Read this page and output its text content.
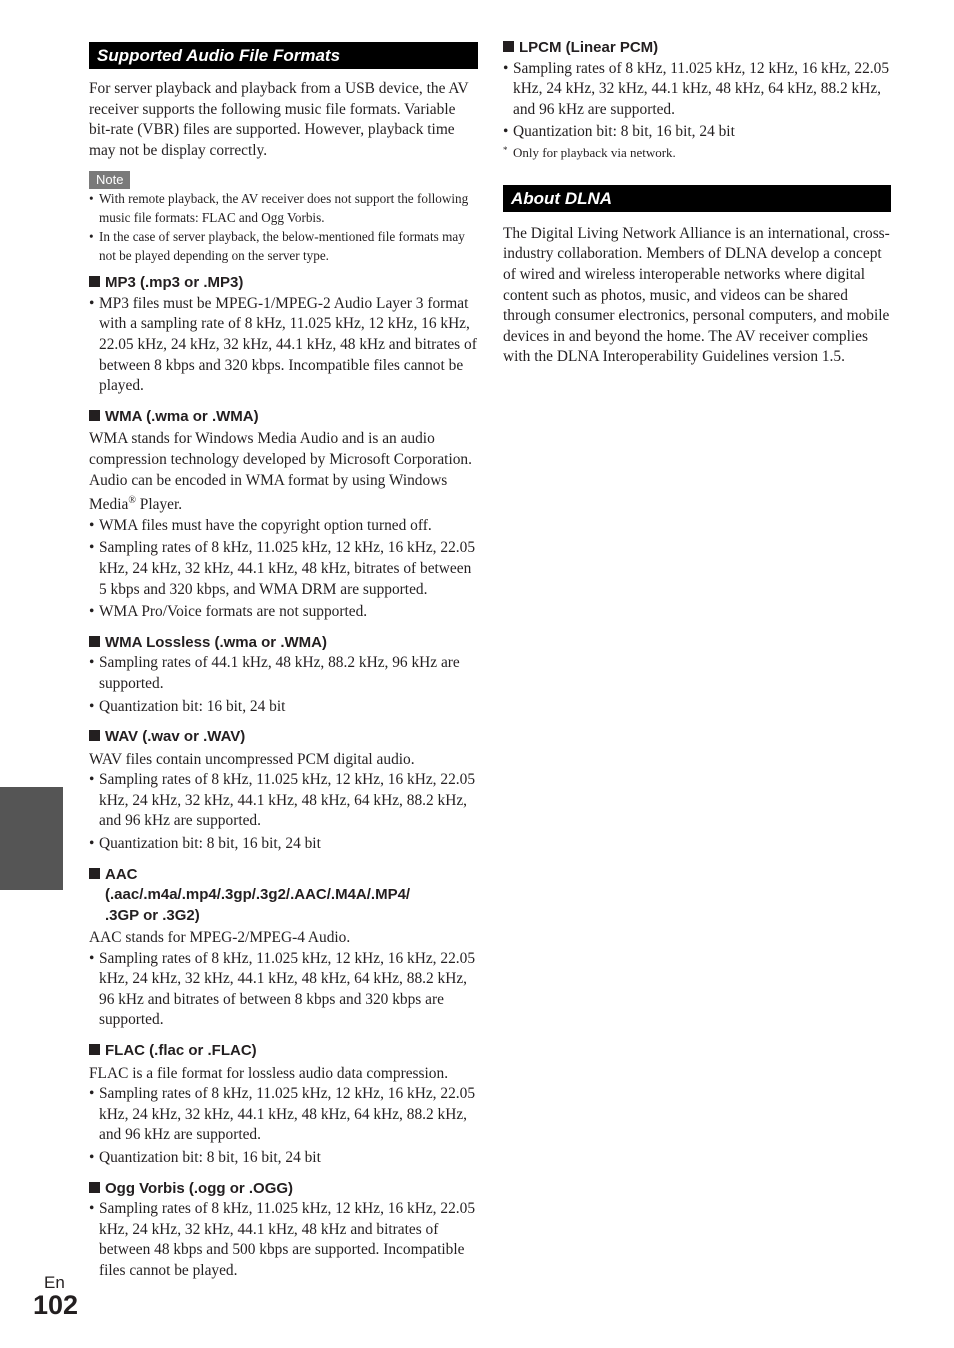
Supported Audio File Formats

For server playback and playback from a USB device, the AV receiver supports the following music file formats. Variable bit-rate (VBR) files are supported. However, playback time may not be display correctly.

Note
• With remote playback, the AV receiver does not support the following music file formats: FLAC and Ogg Vorbis.
• In the case of server playback, the below-mentioned file formats may not be played depending on the server type.
MP3 (.mp3 or .MP3)
• MP3 files must be MPEG-1/MPEG-2 Audio Layer 3 format with a sampling rate of 8 kHz, 11.025 kHz, 12 kHz, 16 kHz, 22.05 kHz, 24 kHz, 32 kHz, 44.1 kHz, 48 kHz and bitrates of between 8 kbps and 320 kbps. Incompatible files cannot be played.
WMA (.wma or .WMA)

WMA stands for Windows Media Audio and is an audio compression technology developed by Microsoft Corporation. Audio can be encoded in WMA format by using Windows Media® Player.

• WMA files must have the copyright option turned off.
• Sampling rates of 8 kHz, 11.025 kHz, 12 kHz, 16 kHz, 22.05 kHz, 24 kHz, 32 kHz, 44.1 kHz, 48 kHz, bitrates of between 5 kbps and 320 kbps, and WMA DRM are supported.
• WMA Pro/Voice formats are not supported.
WMA Lossless (.wma or .WMA)
• Sampling rates of 44.1 kHz, 48 kHz, 88.2 kHz, 96 kHz are supported.
• Quantization bit: 16 bit, 24 bit
WAV (.wav or .WAV)
WAV files contain uncompressed PCM digital audio.
• Sampling rates of 8 kHz, 11.025 kHz, 12 kHz, 16 kHz, 22.05 kHz, 24 kHz, 32 kHz, 44.1 kHz, 48 kHz, 64 kHz, 88.2 kHz, and 96 kHz are supported.
• Quantization bit: 8 bit, 16 bit, 24 bit
AAC
(.aac/.m4a/.mp4/.3gp/.3g2/.AAC/.M4A/.MP4/
.3GP or .3G2)
AAC stands for MPEG-2/MPEG-4 Audio.
• Sampling rates of 8 kHz, 11.025 kHz, 12 kHz, 16 kHz, 22.05 kHz, 24 kHz, 32 kHz, 44.1 kHz, 48 kHz, 64 kHz, 88.2 kHz, 96 kHz and bitrates of between 8 kbps and 320 kbps are supported.
FLAC (.flac or .FLAC)
FLAC is a file format for lossless audio data compression.
• Sampling rates of 8 kHz, 11.025 kHz, 12 kHz, 16 kHz, 22.05 kHz, 24 kHz, 32 kHz, 44.1 kHz, 48 kHz, 64 kHz, 88.2 kHz, and 96 kHz are supported.
• Quantization bit: 8 bit, 16 bit, 24 bit
Ogg Vorbis (.ogg or .OGG)
• Sampling rates of 8 kHz, 11.025 kHz, 12 kHz, 16 kHz, 22.05 kHz, 24 kHz, 32 kHz, 44.1 kHz, 48 kHz and bitrates of between 48 kbps and 500 kbps are supported. Incompatible files cannot be played.
LPCM (Linear PCM)
• Sampling rates of 8 kHz, 11.025 kHz, 12 kHz, 16 kHz, 22.05 kHz, 24 kHz, 32 kHz, 44.1 kHz, 48 kHz, 64 kHz, 88.2 kHz, and 96 kHz are supported.
• Quantization bit: 8 bit, 16 bit, 24 bit
* Only for playback via network.
About DLNA
The Digital Living Network Alliance is an international, cross-industry collaboration. Members of DLNA develop a concept of wired and wireless interoperable networks where digital content such as photos, music, and videos can be shared through consumer electronics, personal computers, and mobile devices in and beyond the home. The AV receiver complies with the DLNA Interoperability Guidelines version 1.5.
En
102
